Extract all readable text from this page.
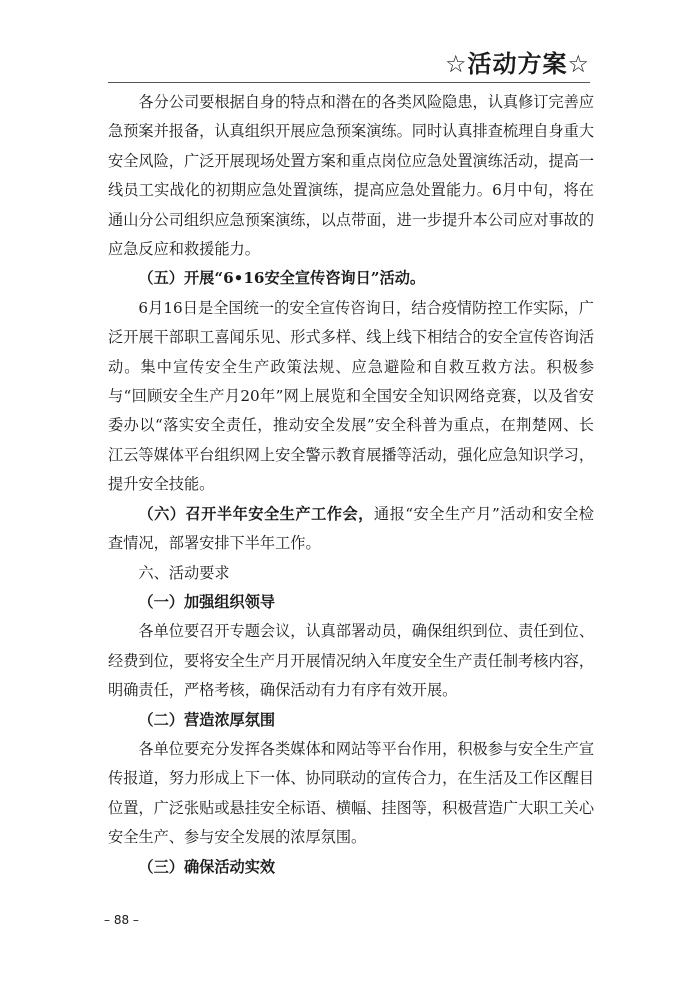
☆活动方案☆

各分公司要根据自身的特点和潜在的各类风险隐患，认真修订完善应急预案并报备，认真组织开展应急预案演练。同时认真排查梳理自身重大安全风险，广泛开展现场处置方案和重点岗位应急处置演练活动，提高一线员工实战化的初期应急处置演练，提高应急处置能力。6月中旬，将在通山分公司组织应急预案演练，以点带面，进一步提升本公司应对事故的应急反应和救援能力。

（五）开展“6•16安全宣传咨询日”活动。

6月16日是全国统一的安全宣传咨询日，结合疫情防控工作实际，广泛开展干部职工喜闻乐见、形式多样、线上线下相结合的安全宣传咨询活动。集中宣传安全生产政策法规、应急避险和自救互救方法。积极参与“回顾安全生产月20年”网上展览和全国安全知识网络竞赛，以及省安委办以“落实安全责任，推动安全发展”安全科普为重点，在荆楚网、长江云等媒体平台组织网上安全警示教育展播等活动，强化应急知识学习，提升安全技能。

（六）召开半年安全生产工作会，通报“安全生产月”活动和安全检查情况，部署安排下半年工作。

六、活动要求

（一）加强组织领导

各单位要召开专题会议，认真部署动员，确保组织到位、责任到位、经费到位，要将安全生产月开展情况纳入年度安全生产责任制考核内容，明确责任，严格考核，确保活动有力有序有效开展。

（二）营造浓厚氛围

各单位要充分发挥各类媒体和网站等平台作用，积极参与安全生产宣传报道，努力形成上下一体、协同联动的宣传合力，在生活及工作区醒目位置，广泛张贴或悬挂安全标语、横幅、挂图等，积极营造广大职工关心安全生产、参与安全发展的浓厚氛围。

（三）确保活动实效

– 88 –
